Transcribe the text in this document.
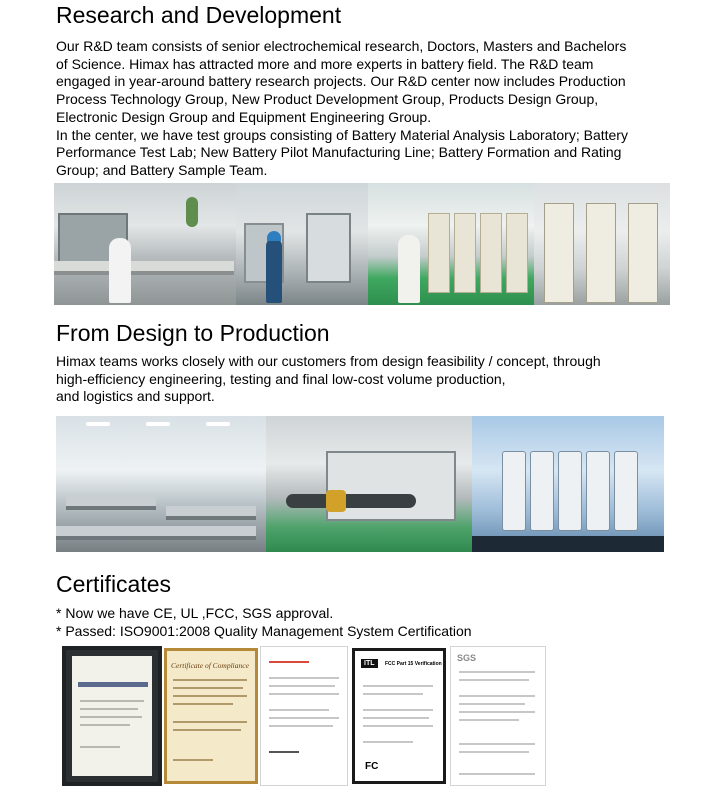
Research and Development

Our R&D team consists of senior electrochemical research, Doctors, Masters and Bachelors

of Science. Himax has attracted more and more experts in battery field. The R&D team

engaged in year-around battery research projects. Our R&D center now includes Production

Process Technology Group, New Product Development Group, Products Design Group,

Electronic Design Group and Equipment Engineering Group.

In the center, we have test groups consisting of Battery Material Analysis Laboratory; Battery

Performance Test Lab; New Battery Pilot Manufacturing Line; Battery Formation and Rating

Group; and Battery Sample Team.

From Design to Production

Himax teams works closely with our customers from design feasibility / concept, through

high-efficiency engineering, testing and final low-cost volume production,

and logistics and support.

Certificates

* Now we have CE, UL ,FCC, SGS approval.

* Passed: ISO9001:2008 Quality Management System Certification

Certificate of Compliance	ITL	FCC Part 15 Verification
FC
SGS
